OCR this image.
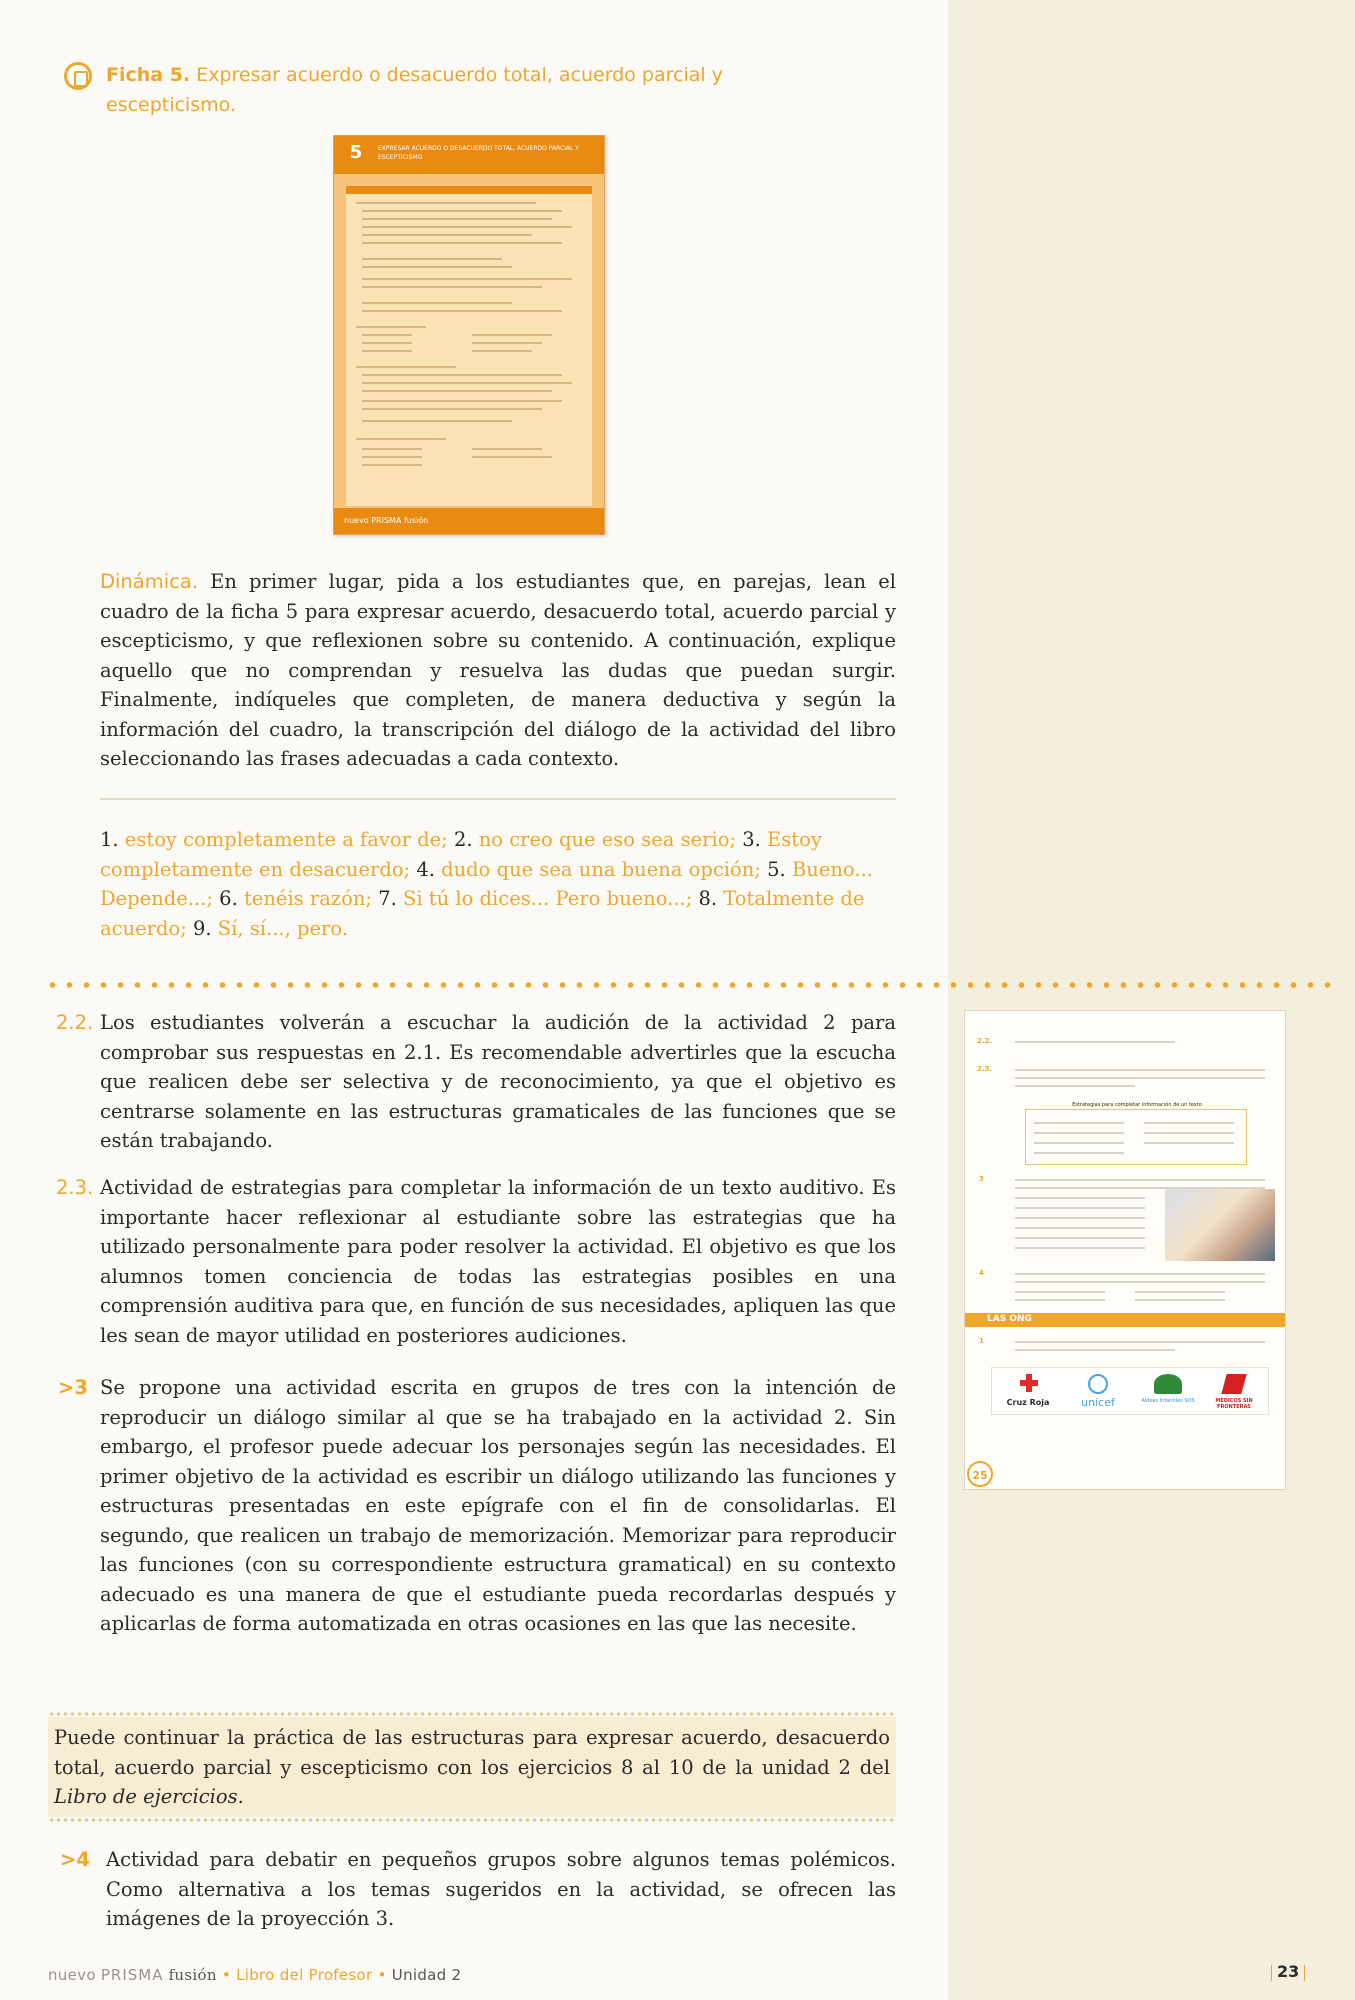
Ficha 5. Expresar acuerdo o desacuerdo total, acuerdo parcial y
escepticismo.
5	EXPRESAR ACUERDO O DESACUERDO TOTAL, ACUERDO PARCIAL Y ESCEPTICISMO
nuevo PRISMA fusión
Dinámica. En primer lugar, pida a los estudiantes que, en parejas, lean el cuadro de la ficha 5 para expresar acuerdo, desacuerdo total, acuerdo parcial y escepticismo, y que reflexionen sobre su contenido. A continuación, explique aquello que no comprendan y resuelva las dudas que puedan surgir. Finalmente, indíqueles que completen, de manera deductiva y según la información del cuadro, la transcripción del diálogo de la actividad del libro seleccionando las frases adecuadas a cada contexto.
1. estoy completamente a favor de; 2. no creo que eso sea serio; 3. Estoy completamente en desacuerdo; 4. dudo que sea una buena opción; 5. Bueno... Depende...; 6. tenéis razón; 7. Si tú lo dices... Pero bueno...; 8. Totalmente de acuerdo; 9. Sí, sí..., pero.
2.2. Los estudiantes volverán a escuchar la audición de la actividad 2 para comprobar sus respuestas en 2.1. Es recomendable advertirles que la escucha que realicen debe ser selectiva y de reconocimiento, ya que el objetivo es centrarse solamente en las estructuras gramaticales de las funciones que se están trabajando.
2.3. Actividad de estrategias para completar la información de un texto auditivo. Es importante hacer reflexionar al estudiante sobre las estrategias que ha utilizado personalmente para poder resolver la actividad. El objetivo es que los alumnos tomen conciencia de todas las estrategias posibles en una comprensión auditiva para que, en función de sus necesidades, apliquen las que les sean de mayor utilidad en posteriores audiciones.
>3 Se propone una actividad escrita en grupos de tres con la intención de reproducir un diálogo similar al que se ha trabajado en la actividad 2. Sin embargo, el profesor puede adecuar los personajes según las necesidades. El primer objetivo de la actividad es escribir un diálogo utilizando las funciones y estructuras presentadas en este epígrafe con el fin de consolidarlas. El segundo, que realicen un trabajo de memorización. Memorizar para reproducir las funciones (con su correspondiente estructura gramatical) en su contexto adecuado es una manera de que el estudiante pueda recordarlas después y aplicarlas de forma automatizada en otras ocasiones en las que las necesite.
Puede continuar la práctica de las estructuras para expresar acuerdo, desacuerdo total, acuerdo parcial y escepticismo con los ejercicios 8 al 10 de la unidad 2 del Libro de ejercicios.
>4 Actividad para debatir en pequeños grupos sobre algunos temas polémicos. Como alternativa a los temas sugeridos en la actividad, se ofrecen las imágenes de la proyección 3.
2.2.
2.3.
Estrategias para completar información de un texto
3
4
LAS ONG
1
Cruz Roja	unicef	Aldeas Infantiles SOS	MÉDICOS SIN FRONTERAS
25
nuevo PRISMA fusión • Libro del Profesor • Unidad 2	23
